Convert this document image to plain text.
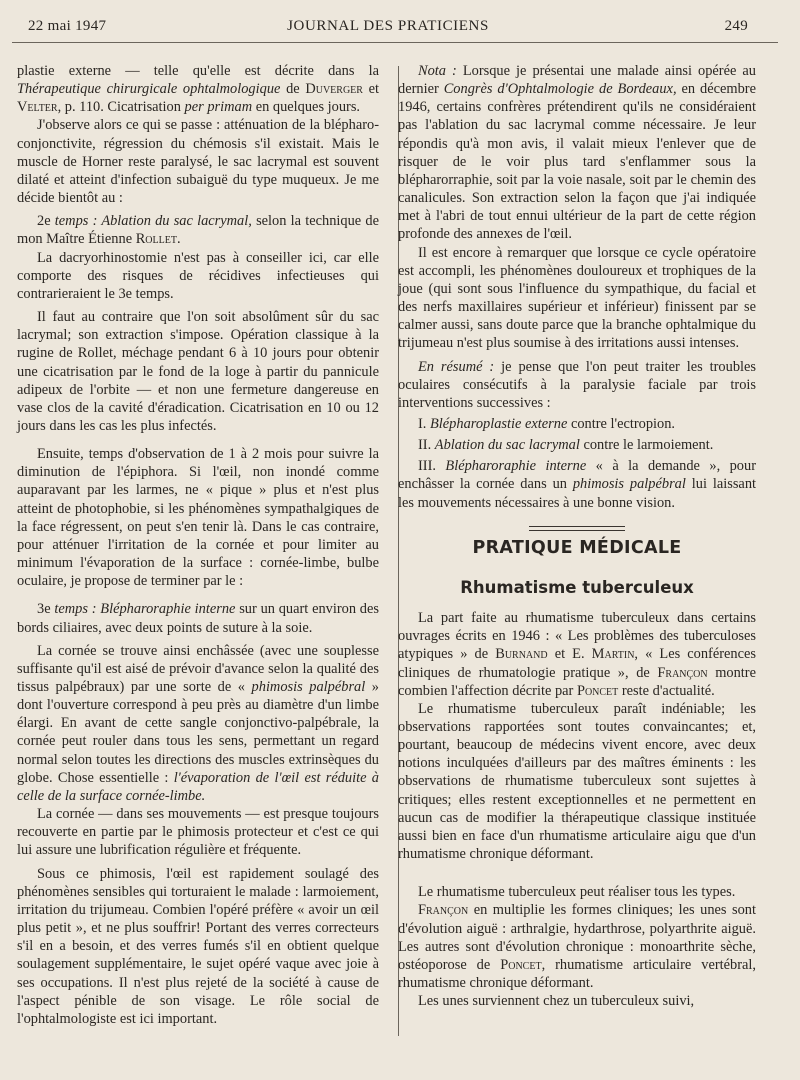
22 mai 1947	JOURNAL DES PRATICIENS	249

plastie externe — telle qu'elle est décrite dans la Thérapeutique chirurgicale ophtalmologique de Duverger et Velter, p. 110. Cicatrisation per primam en quelques jours.

J'observe alors ce qui se passe : atténuation de la blépharo-conjonctivite, régression du chémosis s'il existait. Mais le muscle de Horner reste paralysé, le sac lacrymal est souvent dilaté et atteint d'infection subaiguë du type muqueux. Je me décide bientôt au :

2e temps : Ablation du sac lacrymal, selon la technique de mon Maître Étienne Rollet.

La dacryorhinostomie n'est pas à conseiller ici, car elle comporte des risques de récidives infectieuses qui contrarieraient le 3e temps.

Il faut au contraire que l'on soit absolûment sûr du sac lacrymal; son extraction s'impose. Opération classique à la rugine de Rollet, méchage pendant 6 à 10 jours pour obtenir une cicatrisation par le fond de la loge à partir du pannicule adipeux de l'orbite — et non une fermeture dangereuse en vase clos de la cavité d'éradication. Cicatrisation en 10 ou 12 jours dans les cas les plus infectés.

Ensuite, temps d'observation de 1 à 2 mois pour suivre la diminution de l'épiphora. Si l'œil, non inondé comme auparavant par les larmes, ne « pique » plus et n'est plus atteint de photophobie, si les phénomènes sympathalgiques de la face régressent, on peut s'en tenir là. Dans le cas contraire, pour atténuer l'irritation de la cornée et pour limiter au minimum l'évaporation de la surface : cornée-limbe, bulbe oculaire, je propose de terminer par le :

3e temps : Blépharoraphie interne sur un quart environ des bords ciliaires, avec deux points de suture à la soie.

La cornée se trouve ainsi enchâssée (avec une souplesse suffisante qu'il est aisé de prévoir d'avance selon la qualité des tissus palpébraux) par une sorte de « phimosis palpébral » dont l'ouverture correspond à peu près au diamètre d'un limbe élargi. En avant de cette sangle conjonctivo-palpébrale, la cornée peut rouler dans tous les sens, permettant un regard normal selon toutes les directions des muscles extrinsèques du globe. Chose essentielle : l'évaporation de l'œil est réduite à celle de la surface cornée-limbe.

La cornée — dans ses mouvements — est presque toujours recouverte en partie par le phimosis protecteur et c'est ce qui lui assure une lubrification régulière et fréquente.

Sous ce phimosis, l'œil est rapidement soulagé des phénomènes sensibles qui torturaient le malade : larmoiement, irritation du trijumeau. Combien l'opéré préfère « avoir un œil plus petit », et ne plus souffrir! Portant des verres correcteurs s'il en a besoin, et des verres fumés s'il en obtient quelque soulagement supplémentaire, le sujet opéré vaque avec joie à ses occupations. Il n'est plus rejeté de la société à cause de l'aspect pénible de son visage. Le rôle social de l'ophtalmologiste est ici important.

Nota : Lorsque je présentai une malade ainsi opérée au dernier Congrès d'Ophtalmologie de Bordeaux, en décembre 1946, certains confrères prétendirent qu'ils ne considéraient pas l'ablation du sac lacrymal comme nécessaire. Je leur répondis qu'à mon avis, il valait mieux l'enlever que de risquer de le voir plus tard s'enflammer sous la blépharorraphie, soit par la voie nasale, soit par le chemin des canalicules. Son extraction selon la façon que j'ai indiquée met à l'abri de tout ennui ultérieur de la part de cette région profonde des annexes de l'œil.

Il est encore à remarquer que lorsque ce cycle opératoire est accompli, les phénomènes douloureux et trophiques de la joue (qui sont sous l'influence du sympathique, du facial et des nerfs maxillaires supérieur et inférieur) finissent par se calmer aussi, sans doute parce que la branche ophtalmique du trijumeau n'est plus soumise à des irritations aussi intenses.

En résumé : je pense que l'on peut traiter les troubles oculaires consécutifs à la paralysie faciale par trois interventions successives :

I. Blépharoplastie externe contre l'ectropion.

II. Ablation du sac lacrymal contre le larmoiement.

III. Blépharoraphie interne « à la demande », pour enchâsser la cornée dans un phimosis palpébral lui laissant les mouvements nécessaires à une bonne vision.

PRATIQUE MÉDICALE
Rhumatisme tuberculeux

La part faite au rhumatisme tuberculeux dans certains ouvrages écrits en 1946 : « Les problèmes des tuberculoses atypiques » de Burnand et E. Martin, « Les conférences cliniques de rhumatologie pratique », de Françon montre combien l'affection décrite par Poncet reste d'actualité.

Le rhumatisme tuberculeux paraît indéniable; les observations rapportées sont toutes convaincantes; et, pourtant, beaucoup de médecins vivent encore, avec deux notions inculquées d'ailleurs par des maîtres éminents : les observations de rhumatisme tuberculeux sont sujettes à critiques; elles restent exceptionnelles et ne permettent en aucun cas de modifier la thérapeutique classique instituée aussi bien en face d'un rhumatisme articulaire aigu que d'un rhumatisme chronique déformant.

Le rhumatisme tuberculeux peut réaliser tous les types.

Françon en multiplie les formes cliniques; les unes sont d'évolution aiguë : arthralgie, hydarthrose, polyarthrite aiguë. Les autres sont d'évolution chronique : monoarthrite sèche, ostéoporose de Poncet, rhumatisme articulaire vertébral, rhumatisme chronique déformant.

Les unes surviennent chez un tuberculeux suivi,
